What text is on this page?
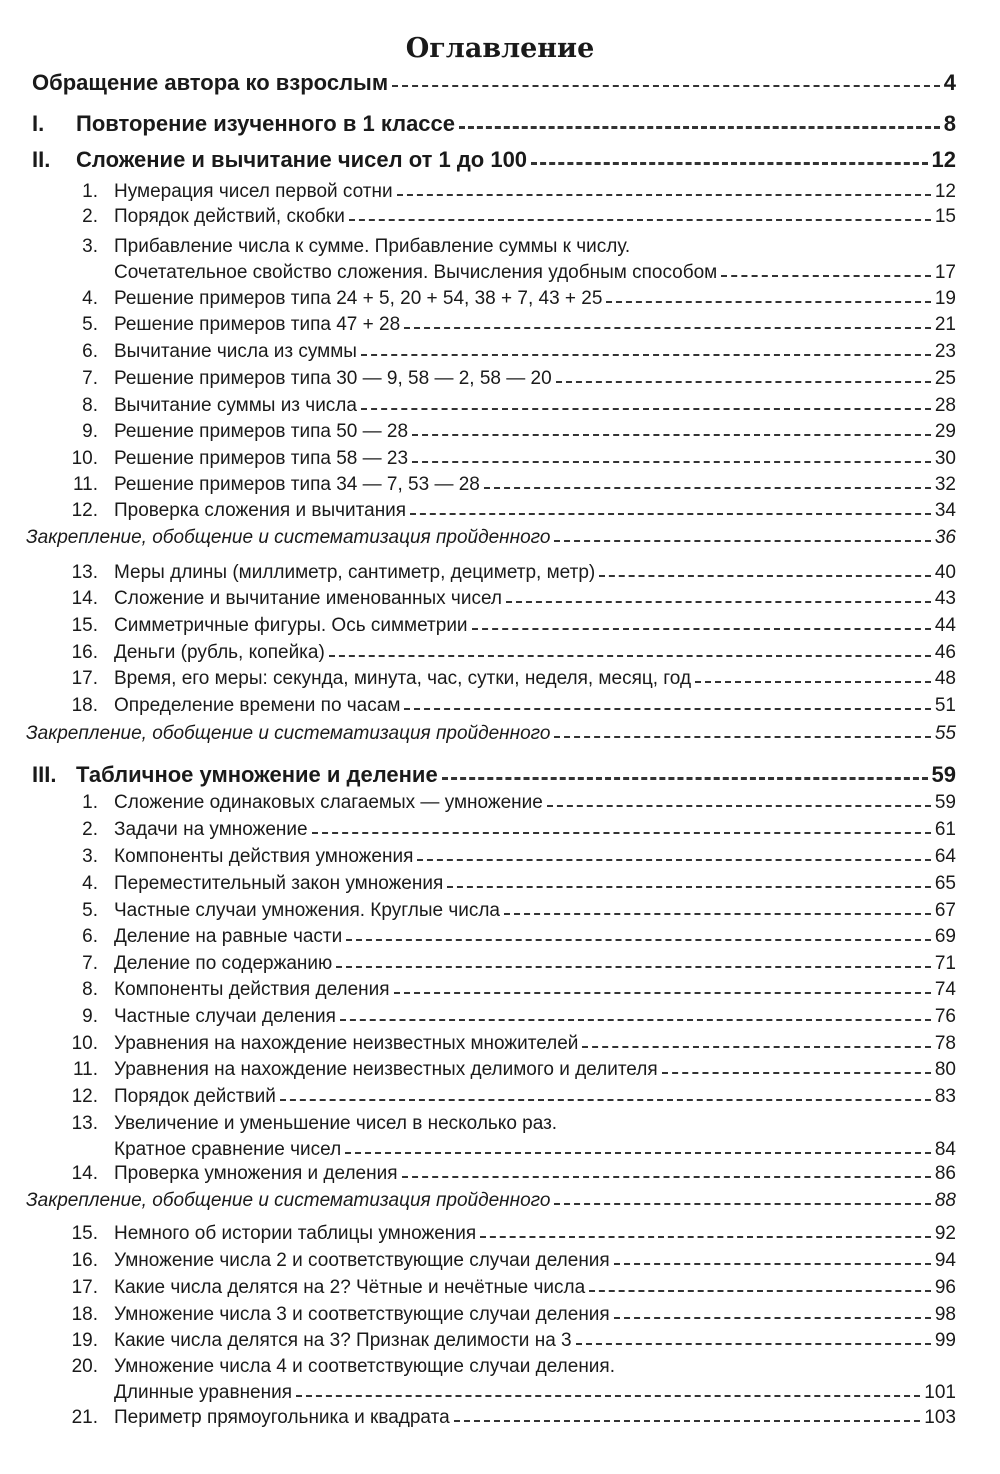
Оглавление
Обращение автора ко взрослым	4
I.	Повторение изученного в 1 классе	8
II.	Сложение и вычитание чисел от 1 до 100	12
1. Нумерация чисел первой сотни	12
2. Порядок действий, скобки	15
3. Прибавление числа к сумме. Прибавление суммы к числу.
Сочетательное свойство сложения. Вычисления удобным способом	17
4. Решение примеров типа 24 + 5, 20 + 54, 38 + 7, 43 + 25	19
5. Решение примеров типа 47 + 28	21
6. Вычитание числа из суммы	23
7. Решение примеров типа 30 — 9, 58 — 2, 58 — 20	25
8. Вычитание суммы из числа	28
9. Решение примеров типа 50 — 28	29
10. Решение примеров типа 58 — 23	30
11. Решение примеров типа 34 — 7, 53 — 28	32
12. Проверка сложения и вычитания	34
Закрепление, обобщение и систематизация пройденного	36
13. Меры длины (миллиметр, сантиметр, дециметр, метр)	40
14. Сложение и вычитание именованных чисел	43
15. Симметричные фигуры. Ось симметрии	44
16. Деньги (рубль, копейка)	46
17. Время, его меры: секунда, минута, час, сутки, неделя, месяц, год	48
18. Определение времени по часам	51
Закрепление, обобщение и систематизация пройденного	55
III. Табличное умножение и деление	59
1. Сложение одинаковых слагаемых — умножение	59
2. Задачи на умножение	61
3. Компоненты действия умножения	64
4. Переместительный закон умножения	65
5. Частные случаи умножения. Круглые числа	67
6. Деление на равные части	69
7. Деление по содержанию	71
8. Компоненты действия деления	74
9. Частные случаи деления	76
10. Уравнения на нахождение неизвестных множителей	78
11. Уравнения на нахождение неизвестных делимого и делителя	80
12. Порядок действий	83
13. Увеличение и уменьшение чисел в несколько раз.
Кратное сравнение чисел	84
14. Проверка умножения и деления	86
Закрепление, обобщение и систематизация пройденного	88
15. Немного об истории таблицы умножения	92
16. Умножение числа 2 и соответствующие случаи деления	94
17. Какие числа делятся на 2? Чётные и нечётные числа	96
18. Умножение числа 3 и соответствующие случаи деления	98
19. Какие числа делятся на 3? Признак делимости на 3	99
20. Умножение числа 4 и соответствующие случаи деления.
Длинные уравнения	101
21. Периметр прямоугольника и квадрата	103
